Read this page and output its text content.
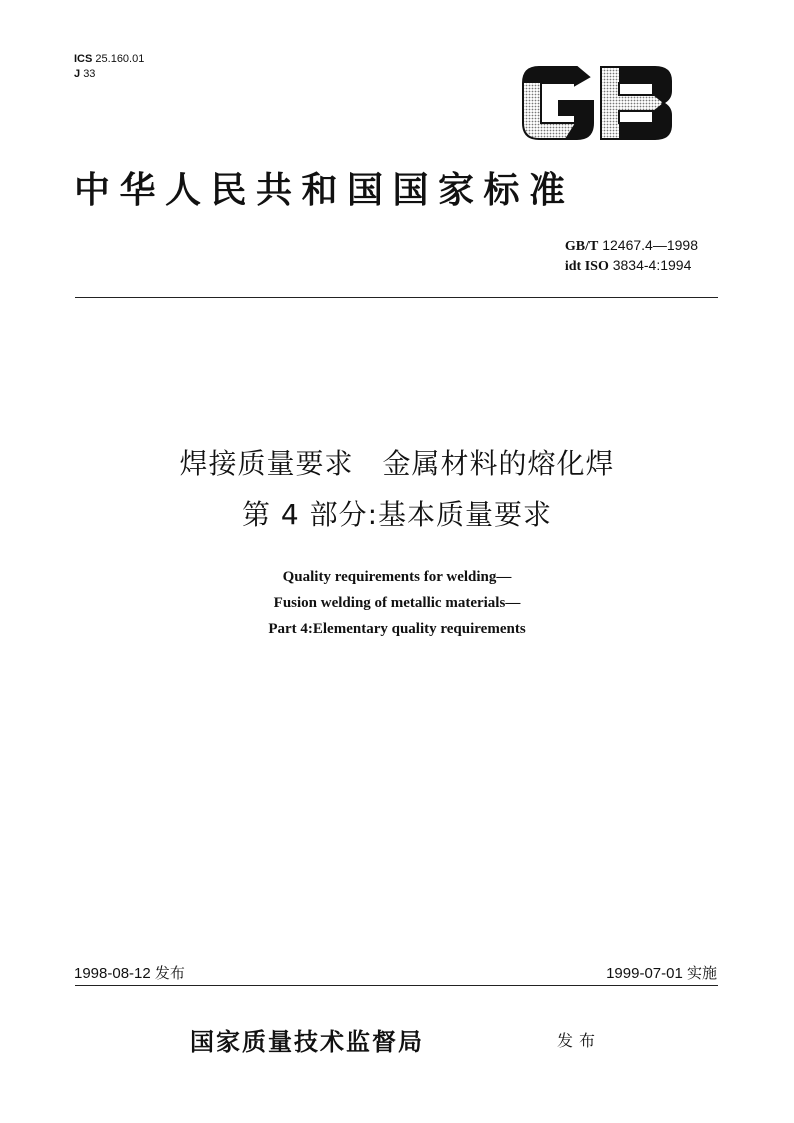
ICS 25.160.01
J 33
GB
中华人民共和国国家标准
GB/T 12467.4—1998
idt ISO 3834-4:1994
焊接质量要求　金属材料的熔化焊
第 4 部分:基本质量要求
Quality requirements for welding—
Fusion welding of metallic materials—
Part 4:Elementary quality requirements
1998-08-12 发布	1999-07-01 实施
国家质量技术监督局	发布
